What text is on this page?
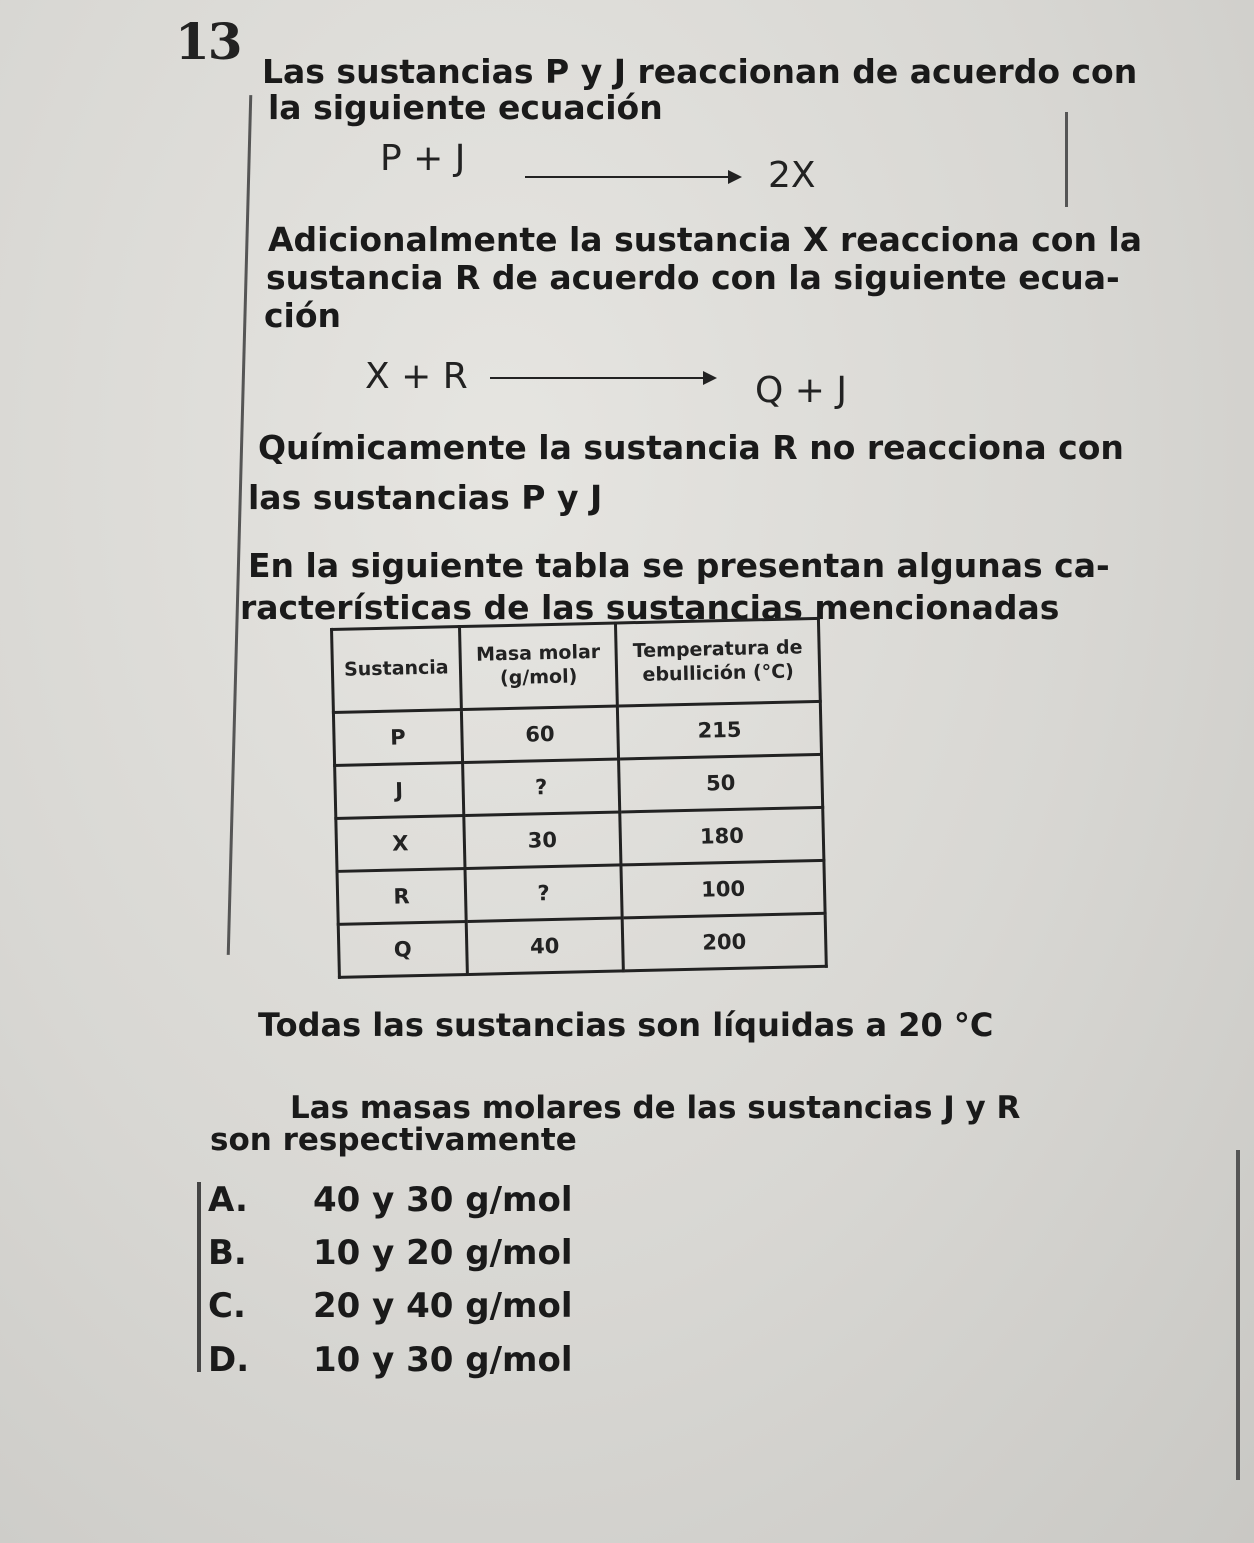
13
Las sustancias P y J reaccionan de acuerdo con
la siguiente ecuación
P + J	2X
Adicionalmente la sustancia X reacciona con la
sustancia R de acuerdo con la siguiente ecua-
ción
X + R	Q + J
Químicamente la sustancia R no reacciona con
las sustancias P y J
En la siguiente tabla se presentan algunas ca-
racterísticas de las sustancias mencionadas
Sustancia	Masa molar (g/mol)	Temperatura de ebullición (°C)
P	60	215
J	?	50
X	30	180
R	?	100
Q	40	200
Todas las sustancias son líquidas a 20 °C
Las masas molares de las sustancias J y R
son respectivamente
A. 40 y 30 g/mol
B. 10 y 20 g/mol
C. 20 y 40 g/mol
D. 10 y 30 g/mol
